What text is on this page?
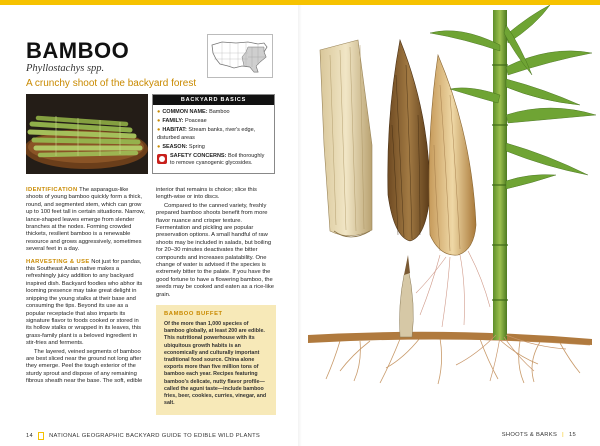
BAMBOO
Phyllostachys spp.
A crunchy shoot of the backyard forest
BACKYARD BASICS
● COMMON NAME: Bamboo
● FAMILY: Poaceae
● HABITAT: Stream banks, river's edge, disturbed areas
● SEASON: Spring
SAFETY CONCERNS: Boil thoroughly to remove cyanogenic glycosides.

IDENTIFICATION The asparagus-like shoots of young bamboo quickly form a thick, round, and segmented stem, which can grow up to 100 feet tall in certain situations. Narrow, lance-shaped leaves emerge from slender branches at the nodes. Forming crowded thickets, resilient bamboo is a renewable resource and grows aggressively, sometimes several feet in a day.

HARVESTING & USE Not just for pandas, this Southeast Asian native makes a refreshingly juicy addition to any backyard inspired dish. Backyard foodies who abhor its looming presence may take great delight in snipping the young stalks at their base and consuming the tips. Beyond its use as a popular receptacle that also imparts its signature flavor to foods cooked or stored in its hollow stalks or wrapped in its leaves, this grass-family plant is a beloved ingredient in stir-fries and ferments.

The layered, veined segments of bamboo are best sliced near the ground not long after they emerge. Peel the tough exterior of the sturdy sprout and dispose of any remaining fibrous sheath near the base. The soft, edible

interior that remains is choice; slice this length-wise or into discs.

Compared to the canned variety, freshly prepared bamboo shoots benefit from more flavor nuance and crisper texture. Fermentation and pickling are popular preservation options. A small handful of raw shoots may be included in salads, but boiling for 20–30 minutes deactivates the bitter compounds and increases palatability. One change of water is advised if the species is extremely bitter to the palate. If you have the good fortune to have a flowering bamboo, the seeds may be cooked and eaten as a rice-like grain.

BAMBOO BUFFET
Of the more than 1,000 species of bamboo globally, at least 200 are edible. This nutritional powerhouse with its ubiquitous growth habits is an economically and culturally important traditional food source. China alone exports more than five million tons of bamboo each year. Recipes featuring bamboo's delicate, nutty flavor profile—called the aguni taste—include bamboo fries, beer, cookies, curries, vinegar, and salt.
14	NATIONAL GEOGRAPHIC BACKYARD GUIDE TO EDIBLE WILD PLANTS	SHOOTS & BARKS | 15
